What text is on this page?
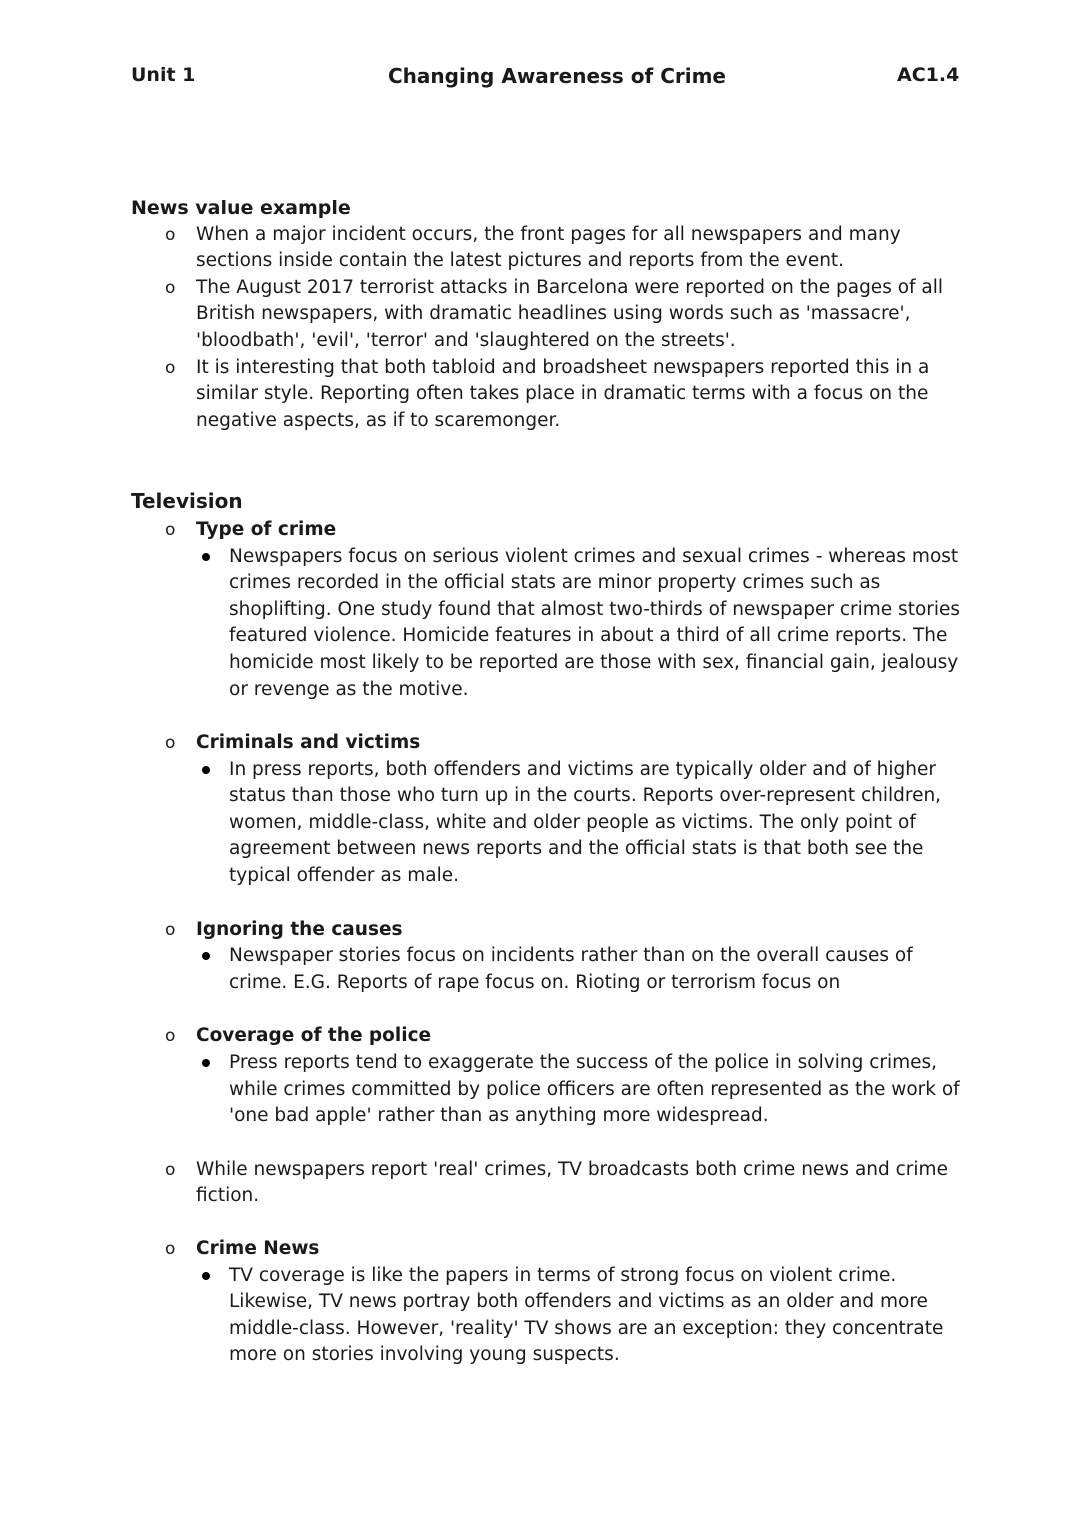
Unit 1	Changing Awareness of Crime	AC1.4

News value example

o When a major incident occurs, the front pages for all newspapers and many sections inside contain the latest pictures and reports from the event.
o The August 2017 terrorist attacks in Barcelona were reported on the pages of all British newspapers, with dramatic headlines using words such as 'massacre', 'bloodbath', 'evil', 'terror' and 'slaughtered on the streets'.
o It is interesting that both tabloid and broadsheet newspapers reported this in a similar style. Reporting often takes place in dramatic terms with a focus on the negative aspects, as if to scaremonger.

Television

o Type of crime
Newspapers focus on serious violent crimes and sexual crimes - whereas most crimes recorded in the official stats are minor property crimes such as shoplifting. One study found that almost two-thirds of newspaper crime stories featured violence. Homicide features in about a third of all crime reports. The homicide most likely to be reported are those with sex, financial gain, jealousy or revenge as the motive.
o Criminals and victims
In press reports, both offenders and victims are typically older and of higher status than those who turn up in the courts. Reports over-represent children, women, middle-class, white and older people as victims. The only point of agreement between news reports and the official stats is that both see the typical offender as male.
o Ignoring the causes
Newspaper stories focus on incidents rather than on the overall causes of crime. E.G. Reports of rape focus on. Rioting or terrorism focus on
o Coverage of the police
Press reports tend to exaggerate the success of the police in solving crimes, while crimes committed by police officers are often represented as the work of 'one bad apple' rather than as anything more widespread.
o While newspapers report 'real' crimes, TV broadcasts both crime news and crime fiction.
o Crime News
TV coverage is like the papers in terms of strong focus on violent crime. Likewise, TV news portray both offenders and victims as an older and more middle-class. However, 'reality' TV shows are an exception: they concentrate more on stories involving young suspects.
